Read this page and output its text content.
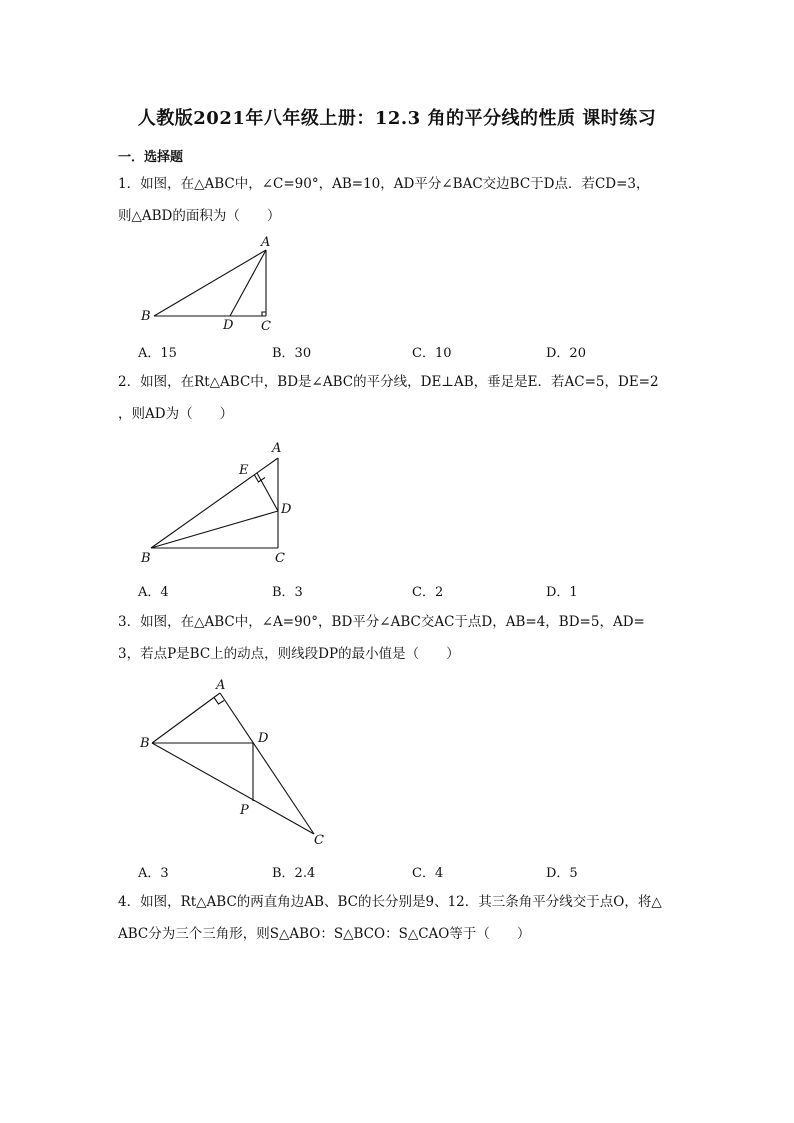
人教版2021年八年级上册：12.3 角的平分线的性质 课时练习
一．选择题
1．如图，在△ABC中，∠C=90°，AB=10，AD平分∠BAC交边BC于D点．若CD=3，
则△ABD的面积为（　　）
A
B
C
D
A．15	B．30	C．10	D．20
2．如图，在Rt△ABC中，BD是∠ABC的平分线，DE⊥AB，垂足是E．若AC=5，DE=2
，则AD为（　　）
A
B	C
D
E
A．4	B．3	C．2	D．1
3．如图，在△ABC中，∠A=90°，BD平分∠ABC交AC于点D，AB=4，BD=5，AD=
3，若点P是BC上的动点，则线段DP的最小值是（　　）
A
B
C
D
P
A．3	B．2.4	C．4	D．5
4．如图，Rt△ABC的两直角边AB、BC的长分别是9、12．其三条角平分线交于点O，将△
ABC分为三个三角形，则S△ABO：S△BCO：S△CAO等于（　　）
